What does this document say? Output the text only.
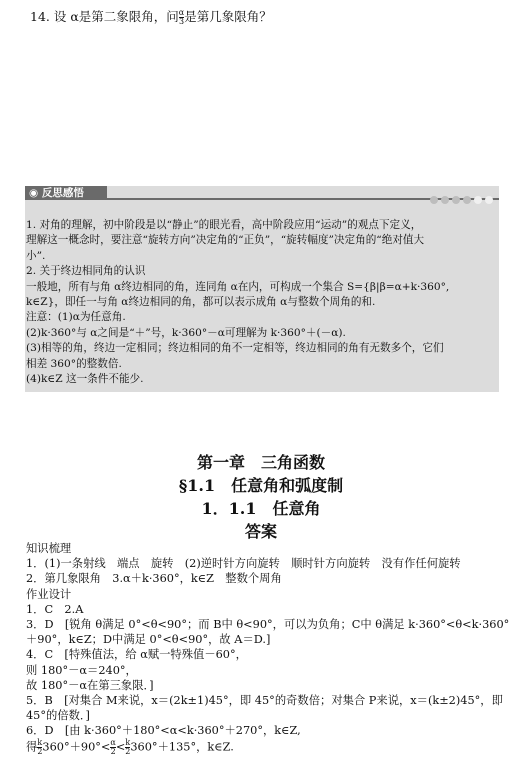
14. 设 α是第二象限角，问 $\frac{\alpha}{3}$ 是第几象限角？
◉ 反思感悟

1. 对角的理解，初中阶段是以“静止”的眼光看，高中阶段应用“运动”的观点下定义，

理解这一概念时，要注意“旋转方向”决定角的“正负”，“旋转幅度”决定角的“绝对值大

小”.

2. 关于终边相同角的认识

一般地，所有与角 α终边相同的角，连同角 α在内，可构成一个集合 S={β|β=α+k·360°,

k∈Z}，即任一与角 α终边相同的角，都可以表示成角 α与整数个周角的和.

注意：(1)α为任意角.

(2)k·360°与 α之间是“＋”号，k·360°－α可理解为 k·360°＋(－α).

(3)相等的角，终边一定相同；终边相同的角不一定相等，终边相同的角有无数多个，它们

相差 360°的整数倍.

(4)k∈Z 这一条件不能少.

第一章　三角函数
§1.1　任意角和弧度制
1．1.1　任意角
答案

知识梳理

1．(1)一条射线　端点　旋转　(2)逆时针方向旋转　顺时针方向旋转　没有作任何旋转

2．第几象限角　3.α＋k·360°，k∈Z　整数个周角

作业设计

1．C　2.A

3．D　[锐角 θ满足 0°<θ<90°；而 B中 θ<90°，可以为负角；C中 θ满足 k·360°<θ<k·360°

＋90°，k∈Z；D中满足 0°<θ<90°，故 A＝D.]

4．C　[特殊值法，给 α赋一特殊值－60°，

则 180°－α＝240°，

故 180°－α在第三象限．]

5．B　[对集合 M来说，x＝(2k±1)45°，即 45°的奇数倍；对集合 P来说，x＝(k±2)45°，即

45°的倍数．]

6．D　[由 k·360°＋180°<α<k·360°＋270°，k∈Z,

得 $\frac{k}{2} 360^\circ+90^\circ< \frac{\alpha}{2} < \frac{k}{2} 360^\circ+135^\circ$，k∈Z.
